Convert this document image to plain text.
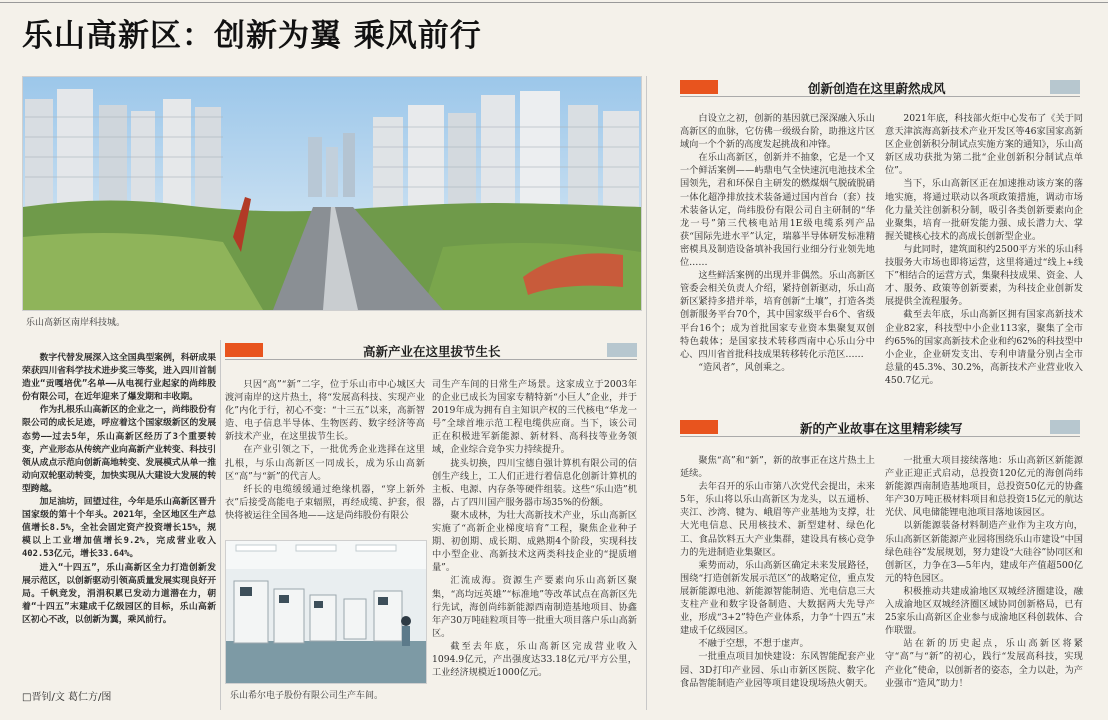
乐山高新区：创新为翼 乘风前行
乐山高新区南岸科技城。

数字代替发展深入这全国典型案例，科研成果荣获四川省科学技术进步奖三等奖，进入四川首制造业“贡嘎培优”名单——从电视行业起家的尚纬股份有限公司，在近年迎来了爆发期和丰收期。

作为扎根乐山高新区的企业之一，尚纬股份有限公司的成长足迹，呼应着这个国家级新区的发展态势——过去5年，乐山高新区经历了3个重要转变，产业形态从传统产业向高新产业转变、科技引领从成点示范向创新高地转变、发展模式从单一推动向双轮驱动转变，加快实现从大建设大发展的转型跨越。

加足油坊，回望过往，今年是乐山高新区晋升国家级的第十个年头。2021年，全区地区生产总值增长8.5%，全社会固定资产投资增长15%，规模以上工业增加值增长9.2%，完成营业收入402.53亿元，增长33.64%。

进入“十四五”，乐山高新区全力打造创新发展示范区，以创新驱动引领高质量发展实现良好开局。千帆竞发，涓涓积累已发动力道潜在力，朝着“十四五”末建成千亿级园区的目标，乐山高新区初心不改，以创新为翼，乘风前行。

□晋钊/文 葛仁方/图
高新产业在这里拔节生长

只因“高”“新”二字，位于乐山市中心城区大渡河南岸的这片热土，将“发展高科技、实现产业化”内化于行，初心不变：“十三五”以来，高新智造、电子信息半导体、生物医药、数字经济等高新技术产业，在这里拔节生长。

在产业引领之下，一批优秀企业选择在这里扎根，与乐山高新区一同成长，成为乐山高新区“高”与“新”的代言人。

纤长的电缆缓缓通过绝缘机器，“穿上新外衣”后接受高能电子束辐照，再经成缆、护套，很快将被运往全国各地——这是尚纬股份有限公

乐山希尔电子股份有限公司生产车间。

司生产车间的日常生产场景。这家成立于2003年的企业已成长为国家专精特新“小巨人”企业，并于2019年成为拥有自主知识产权的三代核电“华龙一号”全球首堆示范工程电缆供应商。当下，该公司正在积极进军新能源、新材料、高科技等业务领域，企业综合竞争实力持续提升。

拢头切换，四川宝德自强计算机有限公司的信创生产线上，工人们正进行着信息化创新计算机的主板、电源、内存条等硬件组装。这些“乐山造”机器，占了四川国产服务器市场35%的份额。

聚木成林，为壮大高新技术产业，乐山高新区实施了“高新企业梯度培育”工程，聚焦企业种子期、初创期、成长期、成熟期4个阶段，实现科技中小型企业、高新技术这两类科技企业的“提质增量”。

汇流成海。资源生产要素向乐山高新区聚集，“高均远英雄”“标准地”等改革试点在高新区先行先试，海创尚纬新能源西南制造基地项目、协鑫年产30万吨硅粒项目等一批重大项目落户乐山高新区。

截至去年底，乐山高新区完成营业收入1094.9亿元，产出强度达33.18亿元/平方公里，工业经济规模近1000亿元。

创新创造在这里蔚然成风

白设立之初，创新的基因就已深深融入乐山高新区的血脉，它仿佛一级级台阶，助推这片区域向一个个新的高度发起挑战和冲锋。

在乐山高新区，创新并不抽象，它是一个又一个鲜活案例——屿鼎电气全快速沉电池技术全国领先，君和环保自主研发的燃煤烟气脱硫脱硝一体化超净排放技术装备通过国内首台（套）技术装备认定，尚纬股份有限公司自主研制的“华龙一号”第三代核电站用1E级电缆系列产品获“国际先进水平”认定，瑞慕半导体研发标准精密模具及制造设备填补我国行业细分行业领先地位……

这些鲜活案例的出现并非偶然。乐山高新区管委会相关负责人介绍，紧持创新驱动，乐山高新区紧持多措并举，培育创新“土壤”，打造各类创新服务平台70个，其中国家级平台6个、省级平台16个；成为首批国家专业资本集聚复双创特色载体；是国家技术转移西南中心乐山分中心、四川省首批科技成果转移转化示范区……

“造风者”，风创乘之。

2021年底，科技部火炬中心发布了《关于同意天津滨海高新技术产业开发区等46家国家高新区企业创新积分制试点实施方案的通知》，乐山高新区成功获批为第二批“企业创新积分制试点单位”。

当下，乐山高新区正在加速推动该方案的落地实施，将通过联动以各项政策措施，调动市场化力量关注创新积分制，吸引各类创新要素向企业聚集，培育一批研发能力强、成长潜力大、掌握关键核心技术的高成长创新型企业。

与此同时，建筑面积约2500平方米的乐山科技服务大市场也即将运营，这里将通过“线上+线下”相结合的运营方式，集聚科技成果、资金、人才、服务、政策等创新要素，为科技企业创新发展提供全流程服务。

截至去年底，乐山高新区拥有国家高新技术企业82家，科技型中小企业113家，聚集了全市约65%的国家高新技术企业和约62%的科技型中小企业，企业研发支出、专利申请量分别占全市总量的45.3%、30.2%，高新技术产业营业收入450.7亿元。

新的产业故事在这里精彩续写

聚焦“高”和“新”，新的故事正在这片热土上延续。

去年召开的乐山市第八次党代会提出，未来5年，乐山将以乐山高新区为龙头，以五通桥、夹江、沙湾、犍为、峨眉等产业基地为支撑，壮大光电信息、民用核技术、新型建材、绿色化工、食品饮料五大产业集群，建设具有核心竞争力的先进制造业集聚区。

乘势而动，乐山高新区确定未来发展路径，围绕“打造创新发展示范区”的战略定位，重点发展新能源电池、新能源智能制造、光电信息三大支柱产业和数字设备制造、大数据两大先导产业，形成“3+2”特色产业体系，力争“十四五”末建成千亿级园区。

不融于空想，不想于虚声。

一批重点项目加快建设：东风智能配套产业园、3D打印产业园、乐山市新区医院、数字化食品智能制造产业园等项目建设现场热火朝天。

一批重大项目接续落地：乐山高新区新能源产业正迎正式启动，总投资120亿元的海创尚纬新能源西南制造基地项目，总投资50亿元的协鑫年产30万吨正极材料项目和总投资15亿元的航达光伏、风电储能锂电池项目落地该园区。

以新能源装备材料制造产业作为主攻方向，乐山高新区新能源产业园将围绕乐山市建设“中国绿色硅谷”发展规划，努力建设“大硅谷”协同区和创新区，力争在3—5年内，建成年产值超500亿元的特色园区。

积极推动共建成渝地区双城经济圈建设，融入成渝地区双城经济圈区域协同创新格局，已有25家乐山高新区企业参与成渝地区科创载体、合作联盟。

站在新的历史起点，乐山高新区将紧守“高”与“新”的初心，践行“发展高科技，实现产业化”使命，以创新者的姿态，全力以赴，为产业强市“造风”助力！
